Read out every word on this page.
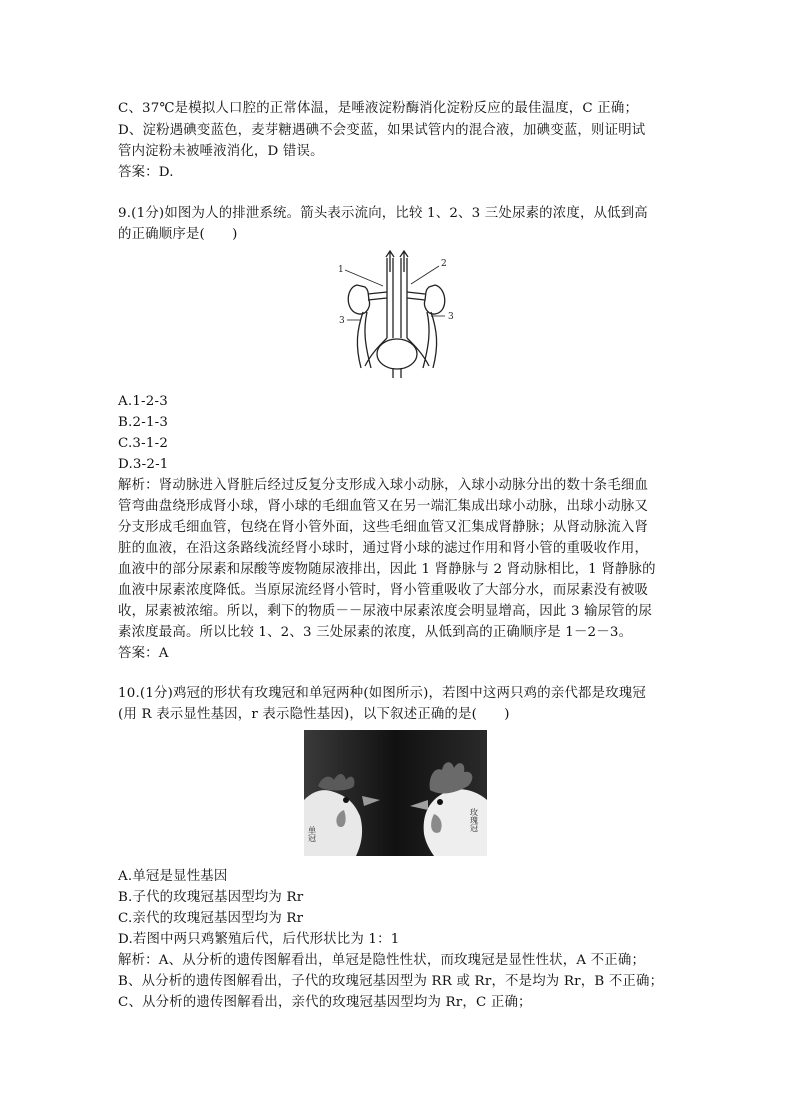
C、37℃是模拟人口腔的正常体温，是唾液淀粉酶消化淀粉反应的最佳温度，C 正确；
D、淀粉遇碘变蓝色，麦芽糖遇碘不会变蓝，如果试管内的混合液，加碘变蓝，则证明试
管内淀粉未被唾液消化，D 错误。
答案：D.
9.(1分)如图为人的排泄系统。箭头表示流向，比较 1、2、3 三处尿素的浓度，从低到高
的正确顺序是(　　)
1
2
3	3
A.1-2-3
B.2-1-3
C.3-1-2
D.3-2-1
解析：肾动脉进入肾脏后经过反复分支形成入球小动脉，入球小动脉分出的数十条毛细血
管弯曲盘绕形成肾小球，肾小球的毛细血管又在另一端汇集成出球小动脉，出球小动脉又
分支形成毛细血管，包绕在肾小管外面，这些毛细血管又汇集成肾静脉；从肾动脉流入肾
脏的血液，在沿这条路线流经肾小球时，通过肾小球的滤过作用和肾小管的重吸收作用，
血液中的部分尿素和尿酸等废物随尿液排出，因此 1 肾静脉与 2 肾动脉相比，1 肾静脉的
血液中尿素浓度降低。当原尿流经肾小管时，肾小管重吸收了大部分水，而尿素没有被吸
收，尿素被浓缩。所以，剩下的物质－－尿液中尿素浓度会明显增高，因此 3 输尿管的尿
素浓度最高。所以比较 1、2、3 三处尿素的浓度，从低到高的正确顺序是 1－2－3。
答案：A
10.(1分)鸡冠的形状有玫瑰冠和单冠两种(如图所示)，若图中这两只鸡的亲代都是玫瑰冠
(用 R 表示显性基因，r 表示隐性基因)，以下叙述正确的是(　　)
单冠
玫瑰冠
A.单冠是显性基因
B.子代的玫瑰冠基因型均为 Rr
C.亲代的玫瑰冠基因型均为 Rr
D.若图中两只鸡繁殖后代，后代形状比为 1：1
解析：A、从分析的遗传图解看出，单冠是隐性性状，而玫瑰冠是显性性状，A 不正确；
B、从分析的遗传图解看出，子代的玫瑰冠基因型为 RR 或 Rr，不是均为 Rr，B 不正确；
C、从分析的遗传图解看出，亲代的玫瑰冠基因型均为 Rr，C 正确；
